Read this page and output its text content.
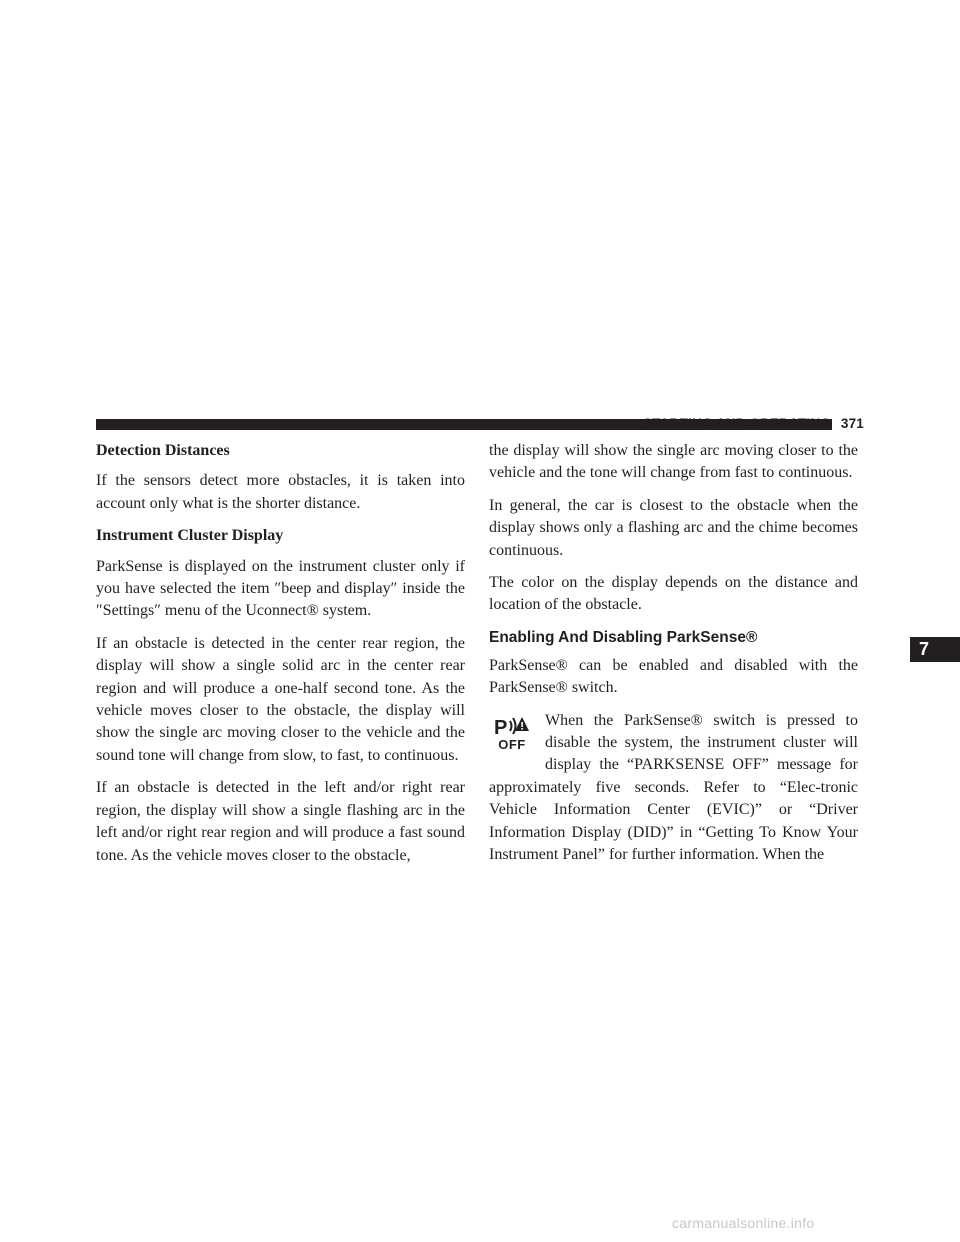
STARTING AND OPERATING 371
Detection Distances

If the sensors detect more obstacles, it is taken into account only what is the shorter distance.

Instrument Cluster Display

ParkSense is displayed on the instrument cluster only if you have selected the item ″beep and display″ inside the ″Settings″ menu of the Uconnect® system.

If an obstacle is detected in the center rear region, the display will show a single solid arc in the center rear region and will produce a one-half second tone. As the vehicle moves closer to the obstacle, the display will show the single arc moving closer to the vehicle and the sound tone will change from slow, to fast, to continuous.

If an obstacle is detected in the left and/or right rear region, the display will show a single flashing arc in the left and/or right rear region and will produce a fast sound tone. As the vehicle moves closer to the obstacle,

the display will show the single arc moving closer to the vehicle and the tone will change from fast to continuous.

In general, the car is closest to the obstacle when the display shows only a flashing arc and the chime becomes continuous.

The color on the display depends on the distance and location of the obstacle.

Enabling And Disabling ParkSense®

ParkSense® can be enabled and disabled with the ParkSense® switch.

P
OFF
When the ParkSense® switch is pressed to disable the system, the instrument cluster will display the “PARKSENSE OFF” message for approximately five seconds. Refer to “Elec-tronic Vehicle Information Center (EVIC)” or “Driver Information Display (DID)” in “Getting To Know Your Instrument Panel” for further information. When the
7
carmanualsonline.info
